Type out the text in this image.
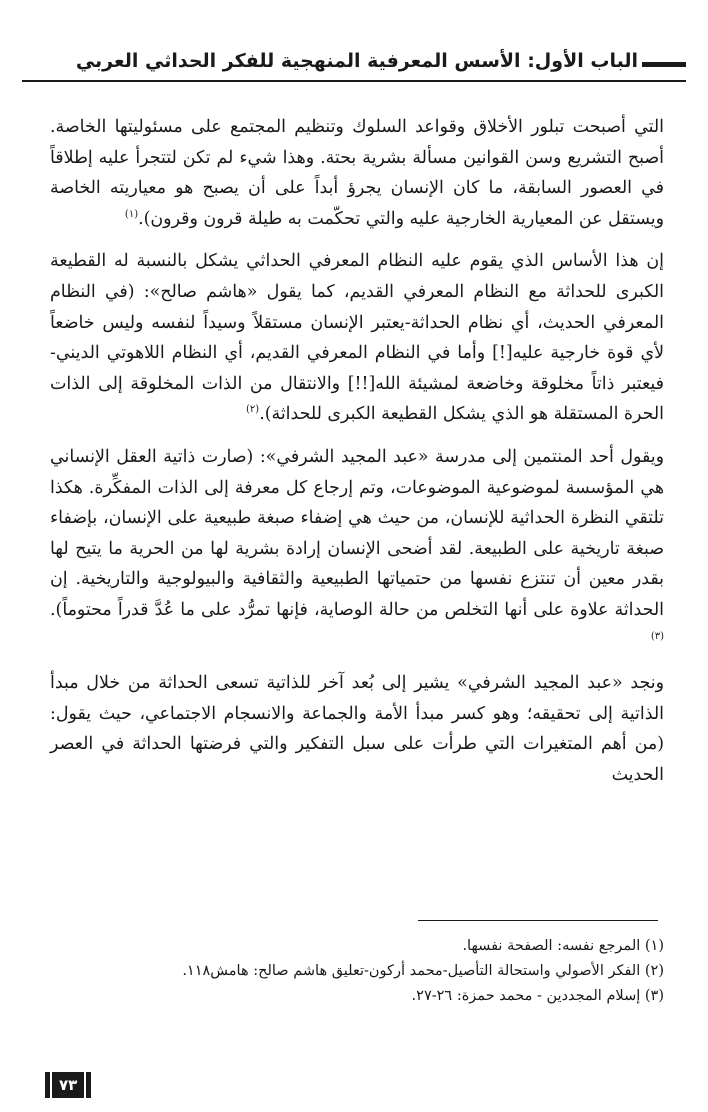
الباب الأول: الأسس المعرفية المنهجية للفكر الحداثي العربي

التي أصبحت تبلور الأخلاق وقواعد السلوك وتنظيم المجتمع على مسئوليتها الخاصة. أصبح التشريع وسن القوانين مسألة بشرية بحتة. وهذا شيء لم تكن لتتجرأ عليه إطلاقاً في العصور السابقة، ما كان الإنسان يجرؤ أبداً على أن يصبح هو معياريته الخاصة ويستقل عن المعيارية الخارجية عليه والتي تحكّمت به طيلة قرون وقرون).$^{(١)}$

إن هذا الأساس الذي يقوم عليه النظام المعرفي الحداثي يشكل بالنسبة له القطيعة الكبرى للحداثة مع النظام المعرفي القديم، كما يقول «هاشم صالح»: (في النظام المعرفي الحديث، أي نظام الحداثة-يعتبر الإنسان مستقلاً وسيداً لنفسه وليس خاضعاً لأي قوة خارجية عليه[!] وأما في النظام المعرفي القديم، أي النظام اللاهوتي الديني- فيعتبر ذاتاً مخلوقة وخاضعة لمشيئة الله[!!] والانتقال من الذات المخلوقة إلى الذات الحرة المستقلة هو الذي يشكل القطيعة الكبرى للحداثة).$^{(٢)}$

ويقول أحد المنتمين إلى مدرسة «عبد المجيد الشرفي»: (صارت ذاتية العقل الإنساني هي المؤسسة لموضوعية الموضوعات، وتم إرجاع كل معرفة إلى الذات المفكِّرة. هكذا تلتقي النظرة الحداثية للإنسان، من حيث هي إضفاء صبغة طبيعية على الإنسان، بإضفاء صبغة تاريخية على الطبيعة. لقد أضحى الإنسان إرادة بشرية لها من الحرية ما يتيح لها بقدر معين أن تنتزع نفسها من حتمياتها الطبيعية والثقافية والبيولوجية والتاريخية. إن الحداثة علاوة على أنها التخلص من حالة الوصاية، فإنها تمرُّد على ما عُدَّ قدراً محتوماً).$^{(٣)}$

ونجد «عبد المجيد الشرفي» يشير إلى بُعد آخر للذاتية تسعى الحداثة من خلال مبدأ الذاتية إلى تحقيقه؛ وهو كسر مبدأ الأمة والجماعة والانسجام الاجتماعي، حيث يقول: (من أهم المتغيرات التي طرأت على سبل التفكير والتي فرضتها الحداثة في العصر الحديث

(١) المرجع نفسه: الصفحة نفسها.

(٢) الفكر الأصولي واستحالة التأصيل-محمد أركون-تعليق هاشم صالح: هامش١١٨.

(٣) إسلام المجددين - محمد حمزة: ٢٦-٢٧.

٧٣
